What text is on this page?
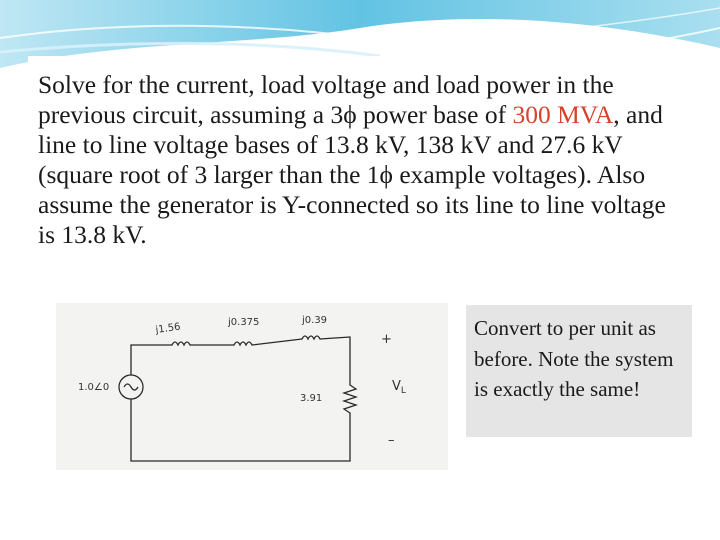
Solve for the current, load voltage and load power in the previous circuit, assuming a 3ϕ power base of 300 MVA, and line to line voltage bases of 13.8 kV, 138 kV and 27.6 kV (square root of 3 larger than the 1ϕ example voltages). Also assume the generator is Y-connected so its line to line voltage is 13.8 kV.

1.0∠0
j1.56	j0.375	j0.39
3.91
+
–
$V_L$

Convert to per unit as before. Note the system is exactly the same!
